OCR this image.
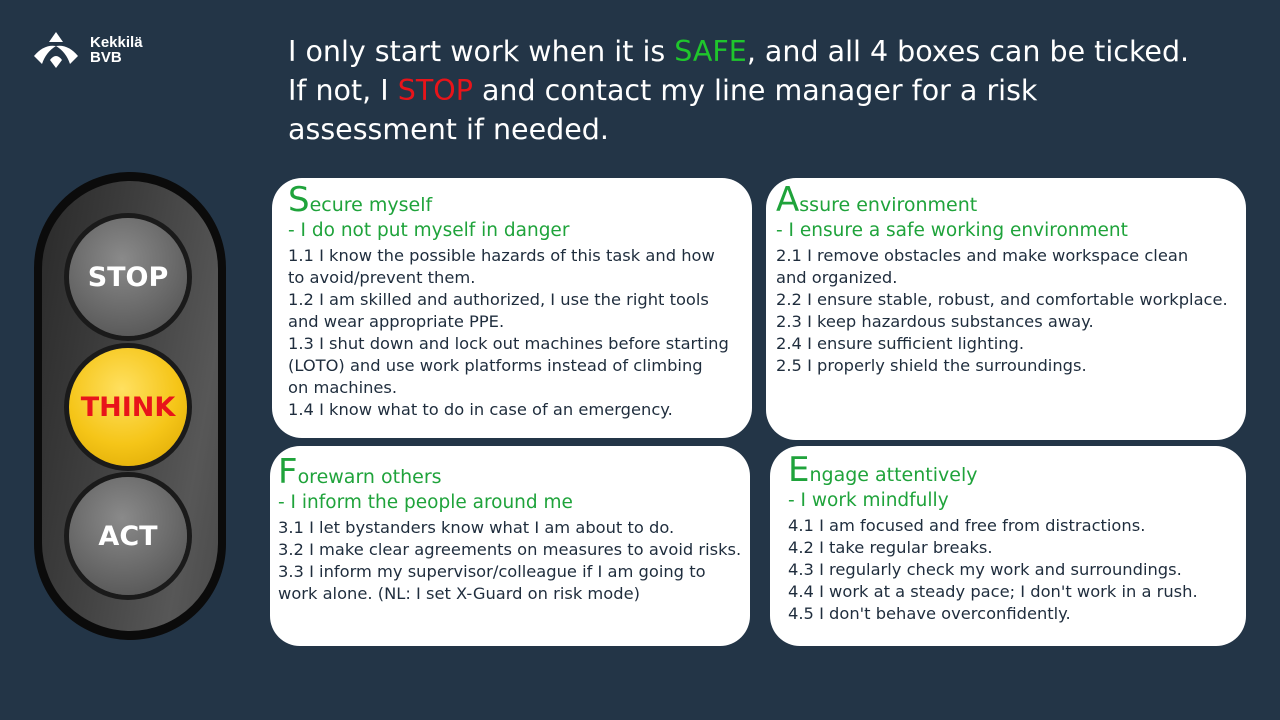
Kekkilä
BVB	I only start work when it is SAFE, and all 4 boxes can be ticked.
If not, I STOP and contact my line manager for a risk
assessment if needed.
STOP
THINK
ACT
Secure myself
- I do not put myself in danger
1.1 I know the possible hazards of this task and how
to avoid/prevent them.
1.2 I am skilled and authorized, I use the right tools
and wear appropriate PPE.
1.3 I shut down and lock out machines before starting
(LOTO) and use work platforms instead of climbing
on machines.
1.4 I know what to do in case of an emergency.
Assure environment
- I ensure a safe working environment
2.1 I remove obstacles and make workspace clean
and organized.
2.2 I ensure stable, robust, and comfortable workplace.
2.3 I keep hazardous substances away.
2.4 I ensure sufficient lighting.
2.5 I properly shield the surroundings.
Forewarn others
- I inform the people around me
3.1 I let bystanders know what I am about to do.
3.2 I make clear agreements on measures to avoid risks.
3.3 I inform my supervisor/colleague if I am going to
work alone. (NL: I set X-Guard on risk mode)
Engage attentively
- I work mindfully
4.1 I am focused and free from distractions.
4.2 I take regular breaks.
4.3 I regularly check my work and surroundings.
4.4 I work at a steady pace; I don't work in a rush.
4.5 I don't behave overconfidently.
